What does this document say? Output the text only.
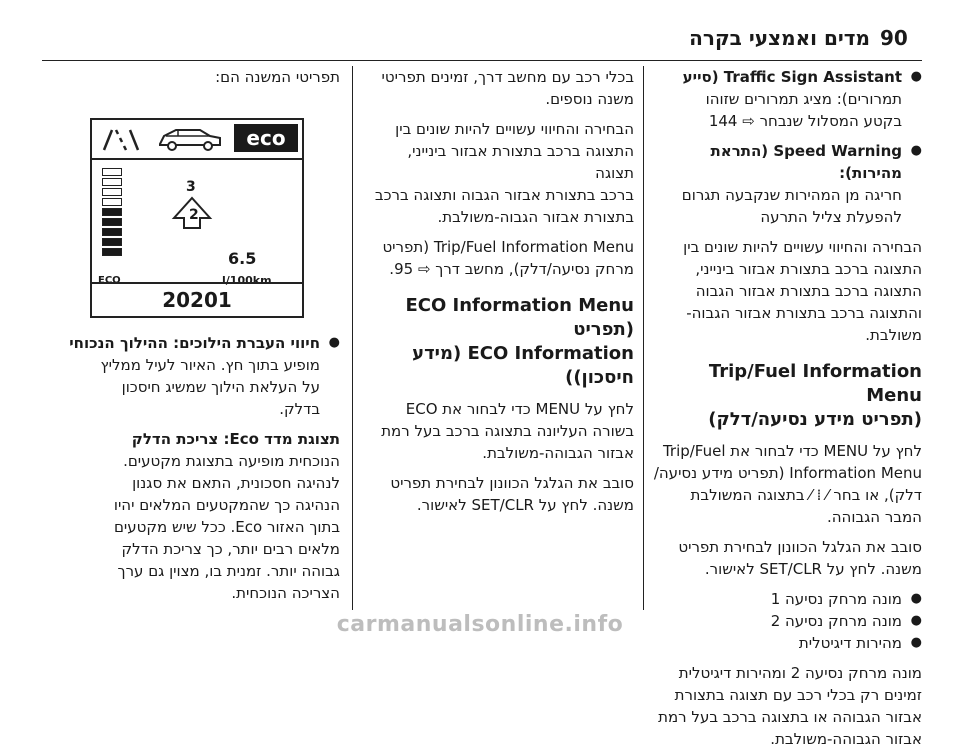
90
מדים ואמצעי בקרה

● Traffic Sign Assistant (סייע

תמרורים): מציג תמרורים שזוהו

בקטע המסלול שנבחר ⇨ 144

● Speed Warning (התראת מהירות):

חריגה מן המהירות שנקבעה תגרום

להפעלת צליל התרעה

הבחירה והחיווי עשויים להיות שונים בין

התצוגה ברכב בתצורת אבזור בינייני,

התצוגה ברכב בתצורת אבזור הגבוה

והתצוגה ברכב בתצורת אבזור הגבוה-

משולבת.

Trip/Fuel Information Menu

(תפריט מידע נסיעה/דלק)

לחץ על MENU כדי לבחור את Trip/Fuel

Information Menu (תפריט מידע נסיעה/

דלק), או בחר ⁄ ⁞ ⁄ בתצוגה המשולבת

המבר הגבוהה.

סובב את הגלגל הכוונון לבחירת תפריט

משנה. לחץ על SET/CLR לאישור.

● מונה מרחק נסיעה 1

● מונה מרחק נסיעה 2

● מהירות דיגיטלית

מונה מרחק נסיעה 2 ומהירות דיגיטלית

זמינים רק בכלי רכב עם תצוגה בתצורת

אבזור הגבוהה או בתצוגה ברכב בעל רמת

אבזור הגבוהה-משולבת.

בכלי רכב עם מחשב דרך, זמינים תפריטי

משנה נוספים.

הבחירה והחיווי עשויים להיות שונים בין

התצוגה ברכב בתצורת אבזור בינייני, תצוגה

ברכב בתצורת אבזור הגבוה ותצוגה ברכב

בתצורת אבזור הגבוה-משולבת.

Trip/Fuel Information Menu (תפריט

מרחק נסיעה/דלק), מחשב דרך ⇨ 95.

ECO Information Menu (תפריט

ECO Information (מידע חיסכון))

לחץ על MENU כדי לבחור את ECO

בשורה העליונה בתצוגה ברכב בעל רמת

אבזור הגבוהה-משולבת.

סובב את הגלגל הכוונון לבחירת תפריט

משנה. לחץ על SET/CLR לאישור.

תפריטי המשנה הם:

eco
ECO
3
2
6.5
l/100km
20201

● חיווי העברת הילוכים: ההילוך הנכוחי

מופיע בתוך חץ. האיור לעיל ממליץ

על העלאת הילוך שמשיג חיסכון

בדלק.

תצוגת מדד Eco: צריכת הדלק

הנוכחית מופיעה בתצוגת מקטעים.

לנהיגה חסכונית, התאם את סגנון

הנהיגה כך שהמקטעים המלאים יהיו

בתוך האזור Eco. ככל שיש מקטעים

מלאים רבים יותר, כך צריכת הדלק

גבוהה יותר. זמנית בו, מצוין גם ערך

הצריכה הנוכחית.

carmanualsonline.info
